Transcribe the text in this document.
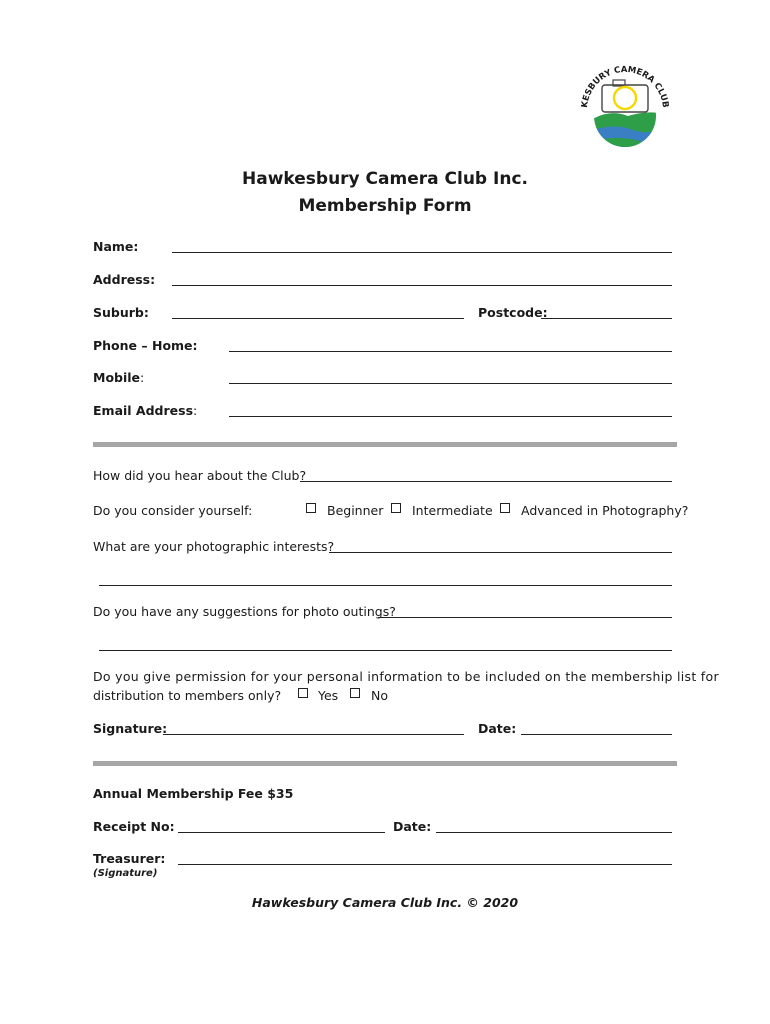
KESBURY CAMERA CLUB
Hawkesbury Camera Club Inc.
Membership Form
Name:
Address:
Suburb:	Postcode:
Phone – Home:
Mobile:
Email Address:
How did you hear about the Club?
Do you consider yourself:	Beginner Intermediate Advanced in Photography?
What are your photographic interests?
Do you have any suggestions for photo outings?
Do you give permission for your personal information to be included on the membership list for
distribution to members only?	Yes	No
Signature:	Date:
Annual Membership Fee $35
Receipt No:	Date:
Treasurer:
(Signature)
Hawkesbury Camera Club Inc. © 2020
